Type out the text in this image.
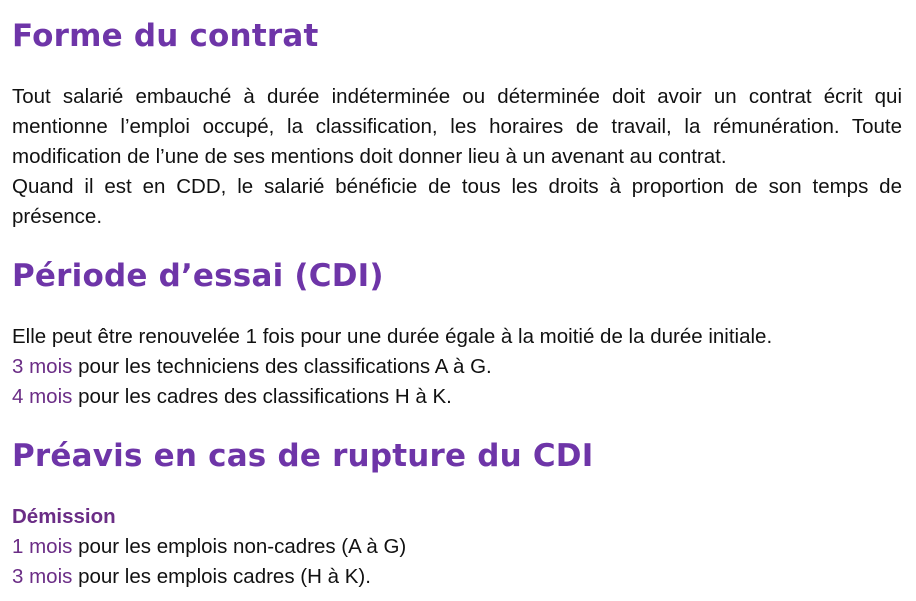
Forme du contrat
Tout salarié embauché à durée indéterminée ou déterminée doit avoir un contrat écrit qui
mentionne l’emploi occupé, la classification, les horaires de travail, la rémunération. Toute
modification de l’une de ses mentions doit donner lieu à un avenant au contrat.
Quand il est en CDD, le salarié bénéficie de tous les droits à proportion de son temps de
présence.
Période d’essai (CDI)
Elle peut être renouvelée 1 fois pour une durée égale à la moitié de la durée initiale.
3 mois pour les techniciens des classifications A à G.
4 mois pour les cadres des classifications H à K.
Préavis en cas de rupture du CDI
Démission
1 mois pour les emplois non-cadres (A à G)
3 mois pour les emplois cadres (H à K).
